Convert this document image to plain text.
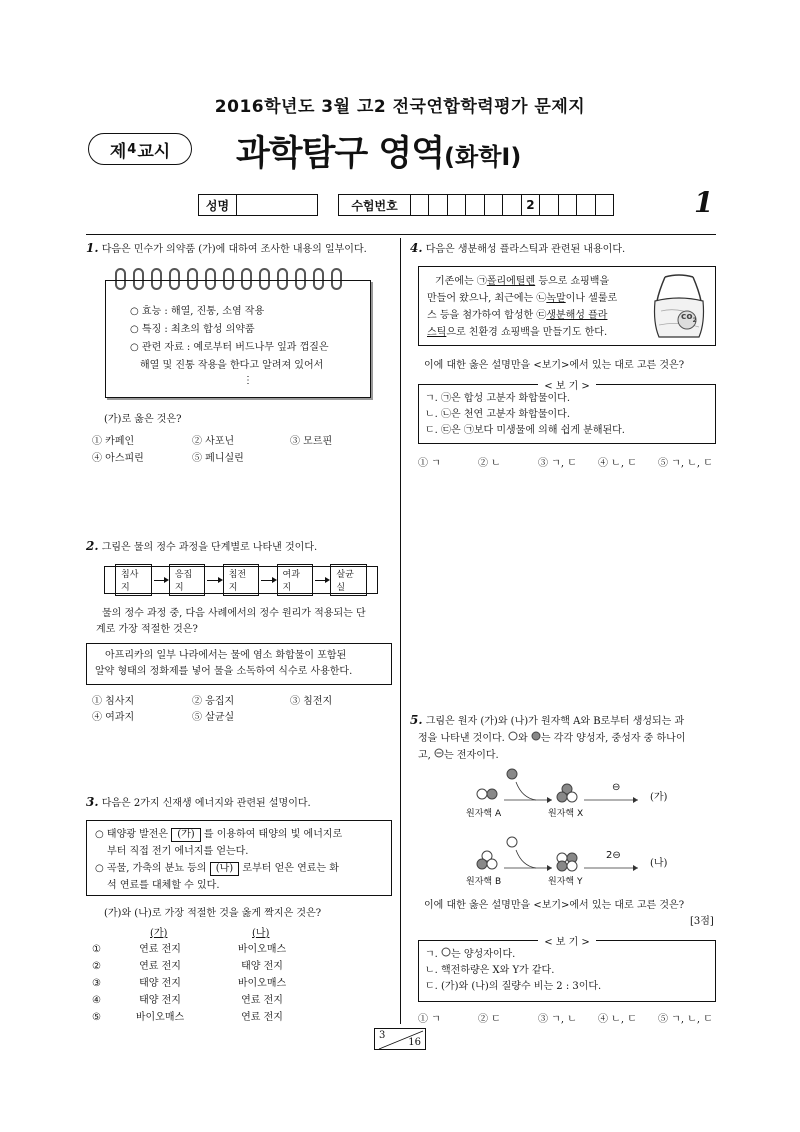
2016학년도 3월 고2 전국연합학력평가 문제지
제 4 교시 과학탐구 영역(화학Ⅰ)
성명	수험번호	2	1
1. 다음은 민수가 의약품 (가)에 대하여 조사한 내용의 일부이다.
○ 효능 : 해열, 진통, 소염 작용
○ 특징 : 최초의 합성 의약품
○ 관련 자료 : 예로부터 버드나무 잎과 껍질은
해열 및 진통 작용을 한다고 알려져 있어서
⋮
(가)로 옳은 것은?
① 카페인	② 사포닌	③ 모르핀
④ 아스피린	⑤ 페니실린
2. 그림은 물의 정수 과정을 단계별로 나타낸 것이다.
침사지
응집지
침전지
여과지
살균실
물의 정수 과정 중, 다음 사례에서의 정수 원리가 적용되는 단
계로 가장 적절한 것은?
아프리카의 일부 나라에서는 물에 염소 화합물이 포함된
알약 형태의 정화제를 넣어 물을 소독하여 식수로 사용한다.
① 침사지	② 응집지	③ 침전지
④ 여과지	⑤ 살균실
3. 다음은 2가지 신재생 에너지와 관련된 설명이다.
○ 태양광 발전은 (가) 를 이용하여 태양의 빛 에너지로
부터 직접 전기 에너지를 얻는다.
○ 곡물, 가축의 분뇨 등의 (나) 로부터 얻은 연료는 화
석 연료를 대체할 수 있다.
(가)와 (나)로 가장 적절한 것을 옳게 짝지은 것은?
(가)	(나)
①	연료 전지	바이오매스
②	연료 전지	태양 전지
③	태양 전지	바이오매스
④	태양 전지	연료 전지
⑤	바이오매스	연료 전지
4. 다음은 생분해성 플라스틱과 관련된 내용이다.
기존에는 ㉠폴리에틸렌 등으로 쇼핑백을
만들어 왔으나, 최근에는 ㉡녹말이나 셀룰로
스 등을 첨가하여 합성한 ㉢생분해성 플라
스틱으로 친환경 쇼핑백을 만들기도 한다.
$co_2$
이에 대한 옳은 설명만을 <보기>에서 있는 대로 고른 것은?
< 보 기 >
ㄱ. ㉠은 합성 고분자 화합물이다.
ㄴ. ㉡은 천연 고분자 화합물이다.
ㄷ. ㉢은 ㉠보다 미생물에 의해 쉽게 분해된다.
① ㄱ	② ㄴ	③ ㄱ, ㄷ ④ ㄴ, ㄷ ⑤ ㄱ, ㄴ, ㄷ
5. 그림은 원자 (가)와 (나)가 원자핵 A와 B로부터 생성되는 과
정을 나타낸 것이다. 와 는 각각 양성자, 중성자 중 하나이
고, 는 전자이다.
⊖
(가)
2⊖
(나)
원자핵 A	원자핵 X
원자핵 B	원자핵 Y
이에 대한 옳은 설명만을 <보기>에서 있는 대로 고른 것은?
[3점]
< 보 기 >
ㄱ. 는 양성자이다.
ㄴ. 핵전하량은 X와 Y가 같다.
ㄷ. (가)와 (나)의 질량수 비는 2 : 3이다.
① ㄱ	② ㄷ	③ ㄱ, ㄴ ④ ㄴ, ㄷ ⑤ ㄱ, ㄴ, ㄷ
3
16
